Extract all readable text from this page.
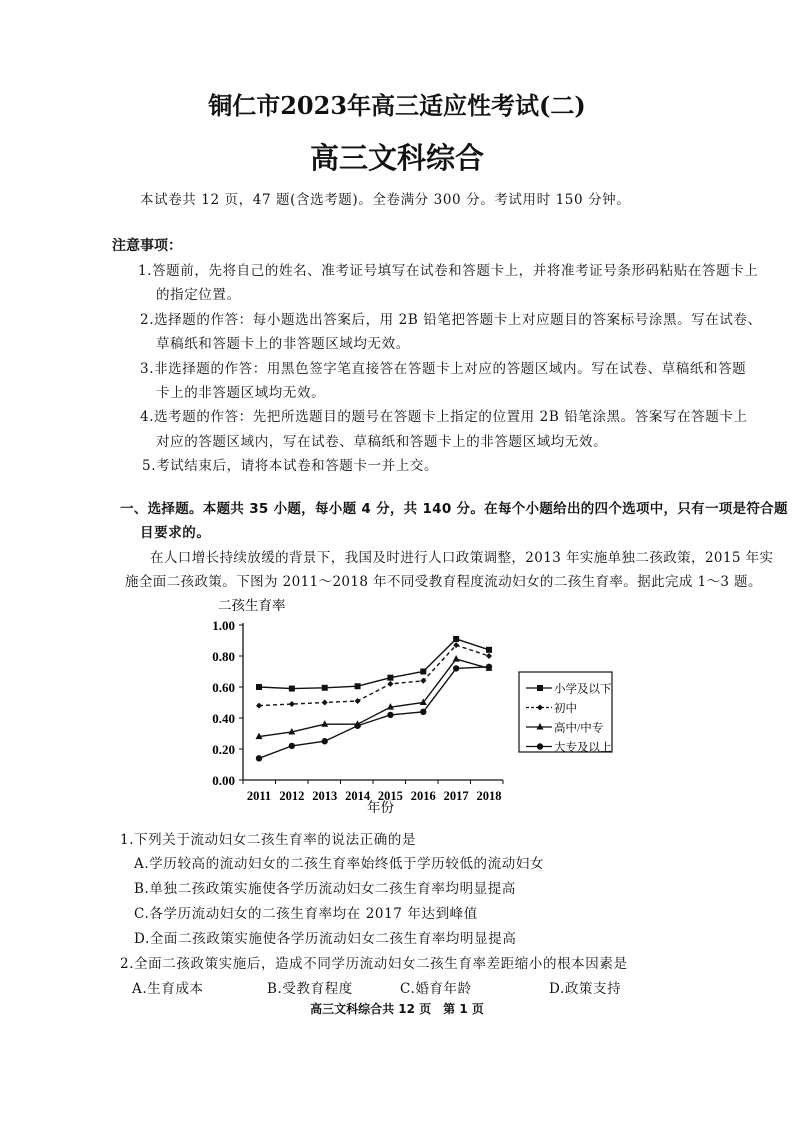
铜仁市2023年高三适应性考试(二)
高三文科综合
本试卷共 12 页，47 题(含选考题)。全卷满分 300 分。考试用时 150 分钟。
注意事项：
1.答题前，先将自己的姓名、准考证号填写在试卷和答题卡上，并将准考证号条形码粘贴在答题卡上
的指定位置。
2.选择题的作答：每小题选出答案后，用 2B 铅笔把答题卡上对应题目的答案标号涂黑。写在试卷、
草稿纸和答题卡上的非答题区域均无效。
3.非选择题的作答：用黑色签字笔直接答在答题卡上对应的答题区域内。写在试卷、草稿纸和答题
卡上的非答题区域均无效。
4.选考题的作答：先把所选题目的题号在答题卡上指定的位置用 2B 铅笔涂黑。答案写在答题卡上
对应的答题区域内，写在试卷、草稿纸和答题卡上的非答题区域均无效。
5.考试结束后，请将本试卷和答题卡一并上交。
一、选择题。本题共 35 小题，每小题 4 分，共 140 分。在每个小题给出的四个选项中，只有一项是符合题
目要求的。
在人口增长持续放缓的背景下，我国及时进行人口政策调整，2013 年实施单独二孩政策，2015 年实
施全面二孩政策。下图为 2011～2018 年不同受教育程度流动妇女的二孩生育率。据此完成 1～3 题。
二孩生育率
年份
0.00
0.20
0.40
0.60
0.80
1.00
2011 2012 2013 2014 2015 2016 2017 2018
小学及以下
初中
高中/中专
大专及以上
1.下列关于流动妇女二孩生育率的说法正确的是
A.学历较高的流动妇女的二孩生育率始终低于学历较低的流动妇女
B.单独二孩政策实施使各学历流动妇女二孩生育率均明显提高
C.各学历流动妇女的二孩生育率均在 2017 年达到峰值
D.全面二孩政策实施使各学历流动妇女二孩生育率均明显提高
2.全面二孩政策实施后，造成不同学历流动妇女二孩生育率差距缩小的根本因素是
A.生育成本	B.受教育程度	C.婚育年龄	D.政策支持
高三文科综合共 12 页　第 1 页
